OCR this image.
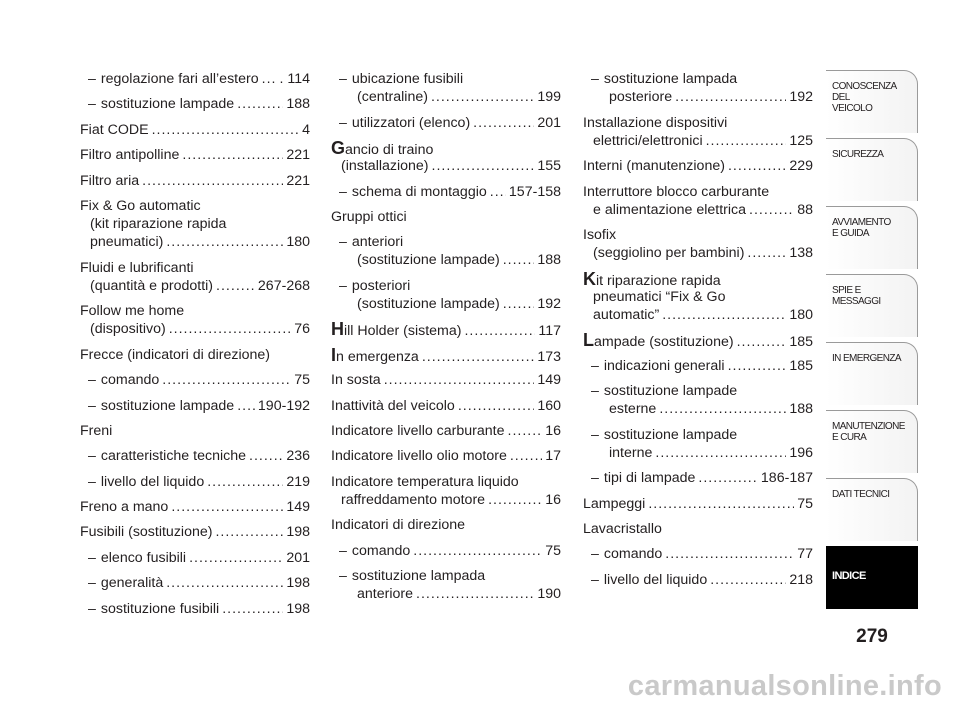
– regolazione fari all’estero ..... . 114
– sostituzione lampade .....	188
Fiat CODE .....	4
Filtro antipolline .....	221
Filtro aria .....	221
Fix & Go automatic
(kit riparazione rapida
pneumatici) .....	180
Fluidi e lubrificanti
(quantità e prodotti) .....	267-268
Follow me home
(dispositivo) .....	76
Frecce (indicatori di direzione)
– comando .....	75
– sostituzione lampade ..... 190-192
Freni
– caratteristiche tecniche .....	236
– livello del liquido .....	219
Freno a mano .....	149
Fusibili (sostituzione) .....	198
– elenco fusibili .....	201
– generalità .....	198
– sostituzione fusibili .....	198
– ubicazione fusibili
(centraline) .....	199
– utilizzatori (elenco) .....	201
Gancio di traino
(installazione) .....	155
– schema di montaggio ..... 157-158
Gruppi ottici
– anteriori
(sostituzione lampade) .....	188
– posteriori
(sostituzione lampade) .....	192
Hill Holder (sistema) .....	117
In emergenza .....	173
In sosta .....	149
Inattività del veicolo .....	160
Indicatore livello carburante .....	16
Indicatore livello olio motore .....	17
Indicatore temperatura liquido
raffreddamento motore .....	16
Indicatori di direzione
– comando .....	75
– sostituzione lampada
anteriore .....	190
– sostituzione lampada
posteriore .....	192
Installazione dispositivi
elettrici/elettronici .....	125
Interni (manutenzione) .....	229
Interruttore blocco carburante
e alimentazione elettrica .....	88
Isofix
(seggiolino per bambini) .....	138
Kit riparazione rapida
pneumatici “Fix & Go
automatic” .....	180
Lampade (sostituzione) .....	185
– indicazioni generali .....	185
– sostituzione lampade
esterne .....	188
– sostituzione lampade
interne .....	196
– tipi di lampade .....	186-187
Lampeggi .....	75
Lavacristallo
– comando .....	77
– livello del liquido .....	218
CONOSCENZA
DEL
VEICOLO
SICUREZZA
AVVIAMENTO
E GUIDA
SPIE E
MESSAGGI
IN EMERGENZA
MANUTENZIONE
E CURA
DATI TECNICI
INDICE
279
carmanualsonline.info
